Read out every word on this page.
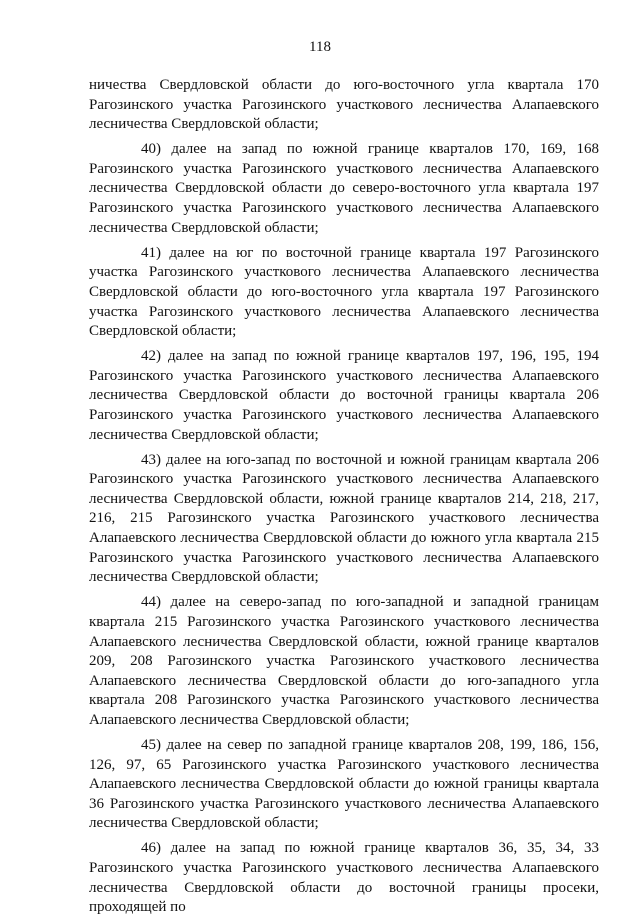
118

ничества Свердловской области до юго-восточного угла квартала 170 Рагозинского участка Рагозинского участкового лесничества Алапаевского лесничества Свердловской области;

40) далее на запад по южной границе кварталов 170, 169, 168 Рагозинского участка Рагозинского участкового лесничества Алапаевского лесничества Свердловской области до северо-восточного угла квартала 197 Рагозинского участка Рагозинского участкового лесничества Алапаевского лесничества Свердловской области;

41) далее на юг по восточной границе квартала 197 Рагозинского участка Рагозинского участкового лесничества Алапаевского лесничества Свердловской области до юго-восточного угла квартала 197 Рагозинского участка Рагозинского участкового лесничества Алапаевского лесничества Свердловской области;

42) далее на запад по южной границе кварталов 197, 196, 195, 194 Рагозинского участка Рагозинского участкового лесничества Алапаевского лесничества Свердловской области до восточной границы квартала 206 Рагозинского участка Рагозинского участкового лесничества Алапаевского лесничества Свердловской области;

43) далее на юго-запад по восточной и южной границам квартала 206 Рагозинского участка Рагозинского участкового лесничества Алапаевского лесничества Свердловской области, южной границе кварталов 214, 218, 217, 216, 215 Рагозинского участка Рагозинского участкового лесничества Алапаевского лесничества Свердловской области до южного угла квартала 215 Рагозинского участка Рагозинского участкового лесничества Алапаевского лесничества Свердловской области;

44) далее на северо-запад по юго-западной и западной границам квартала 215 Рагозинского участка Рагозинского участкового лесничества Алапаевского лесничества Свердловской области, южной границе кварталов 209, 208 Рагозинского участка Рагозинского участкового лесничества Алапаевского лесничества Свердловской области до юго-западного угла квартала 208 Рагозинского участка Рагозинского участкового лесничества Алапаевского лесничества Свердловской области;

45) далее на север по западной границе кварталов 208, 199, 186, 156, 126, 97, 65 Рагозинского участка Рагозинского участкового лесничества Алапаевского лесничества Свердловской области до южной границы квартала 36 Рагозинского участка Рагозинского участкового лесничества Алапаевского лесничества Свердловской области;

46) далее на запад по южной границе кварталов 36, 35, 34, 33 Рагозинского участка Рагозинского участкового лесничества Алапаевского лесничества Свердловской области до восточной границы просеки, проходящей по
